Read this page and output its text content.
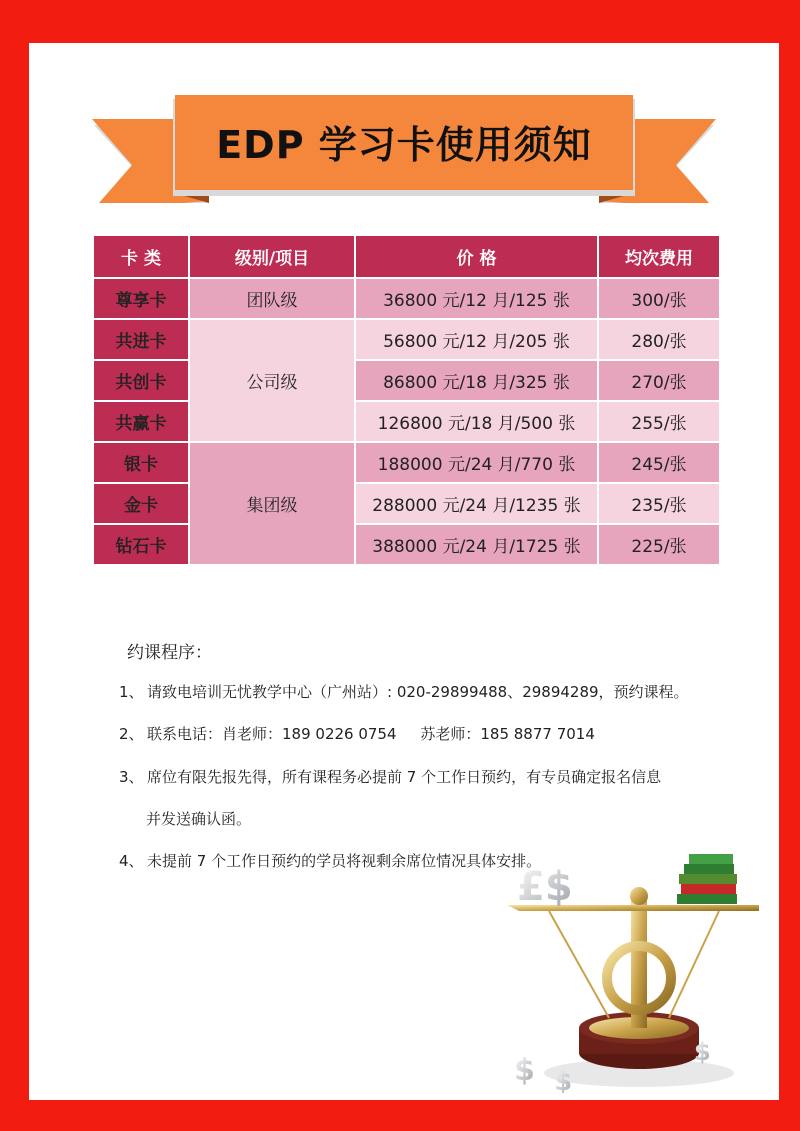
EDP 学习卡使用须知
卡 类	级别/项目	价 格	均次费用
尊享卡	团队级	36800 元/12 月/125 张	300/张
共进卡	公司级	56800 元/12 月/205 张	280/张
共创卡		86800 元/18 月/325 张	270/张
共赢卡		126800 元/18 月/500 张	255/张
银卡	集团级	188000 元/24 月/770 张	245/张
金卡		288000 元/24 月/1235 张	235/张
钻石卡		388000 元/24 月/1725 张	225/张
约课程序：
1、 请致电培训无忧教学中心（广州站）: 020-29899488、29894289，预约课程。
2、 联系电话：肖老师：189 0226 0754     苏老师：185 8877 7014
3、 席位有限先报先得，所有课程务必提前 7 个工作日预约，有专员确定报名信息
并发送确认函。
4、 未提前 7 个工作日预约的学员将视剩余席位情况具体安排。
£$
$ $
$
